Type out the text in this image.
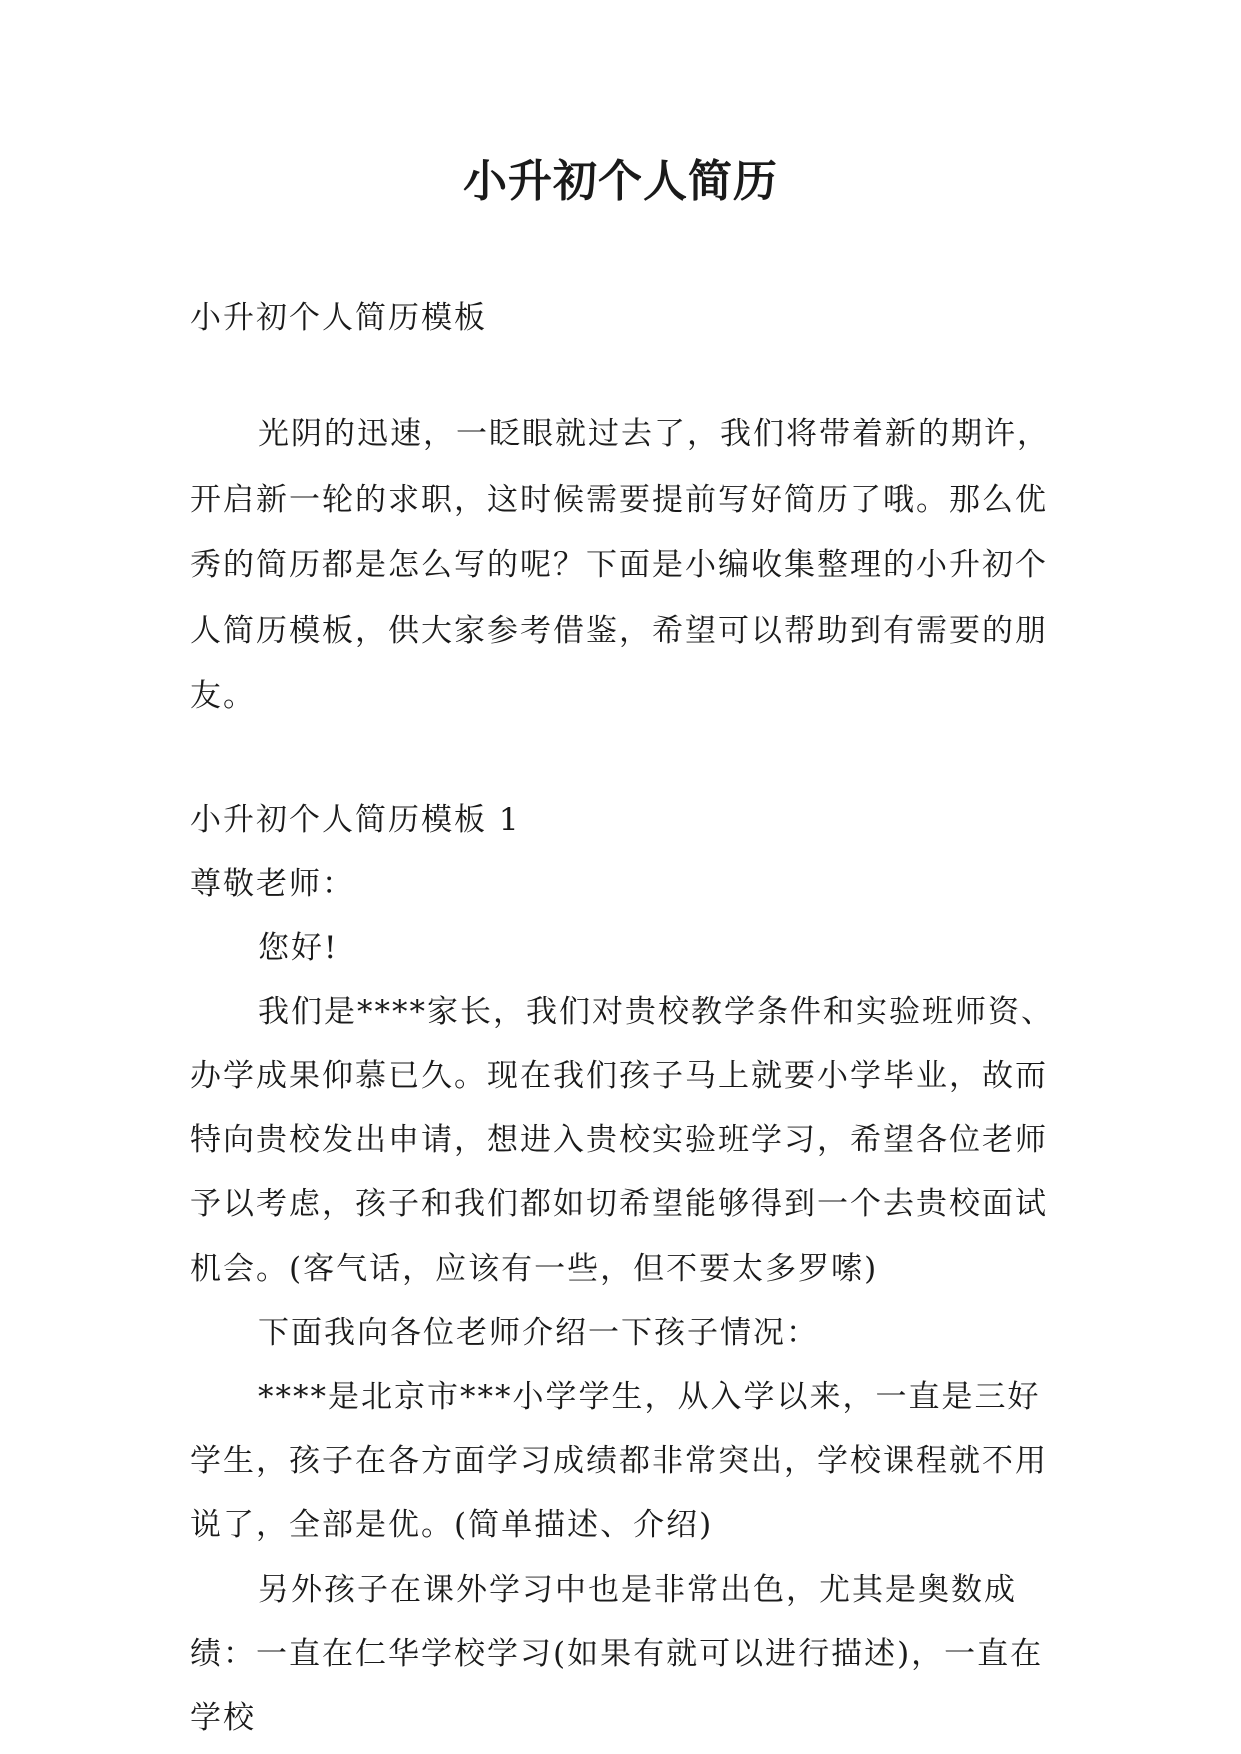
小升初个人简历

小升初个人简历模板

光阴的迅速，一眨眼就过去了，我们将带着新的期许，开启新一轮的求职，这时候需要提前写好简历了哦。那么优秀的简历都是怎么写的呢？下面是小编收集整理的小升初个人简历模板，供大家参考借鉴，希望可以帮助到有需要的朋友。

小升初个人简历模板 1

尊敬老师：

您好!

我们是****家长，我们对贵校教学条件和实验班师资、办学成果仰慕已久。现在我们孩子马上就要小学毕业，故而特向贵校发出申请，想进入贵校实验班学习，希望各位老师予以考虑，孩子和我们都如切希望能够得到一个去贵校面试机会。(客气话，应该有一些，但不要太多罗嗦)

下面我向各位老师介绍一下孩子情况：

****是北京市***小学学生，从入学以来，一直是三好学生，孩子在各方面学习成绩都非常突出，学校课程就不用说了，全部是优。(简单描述、介绍)

另外孩子在课外学习中也是非常出色，尤其是奥数成绩：一直在仁华学校学习(如果有就可以进行描述)，一直在学校
